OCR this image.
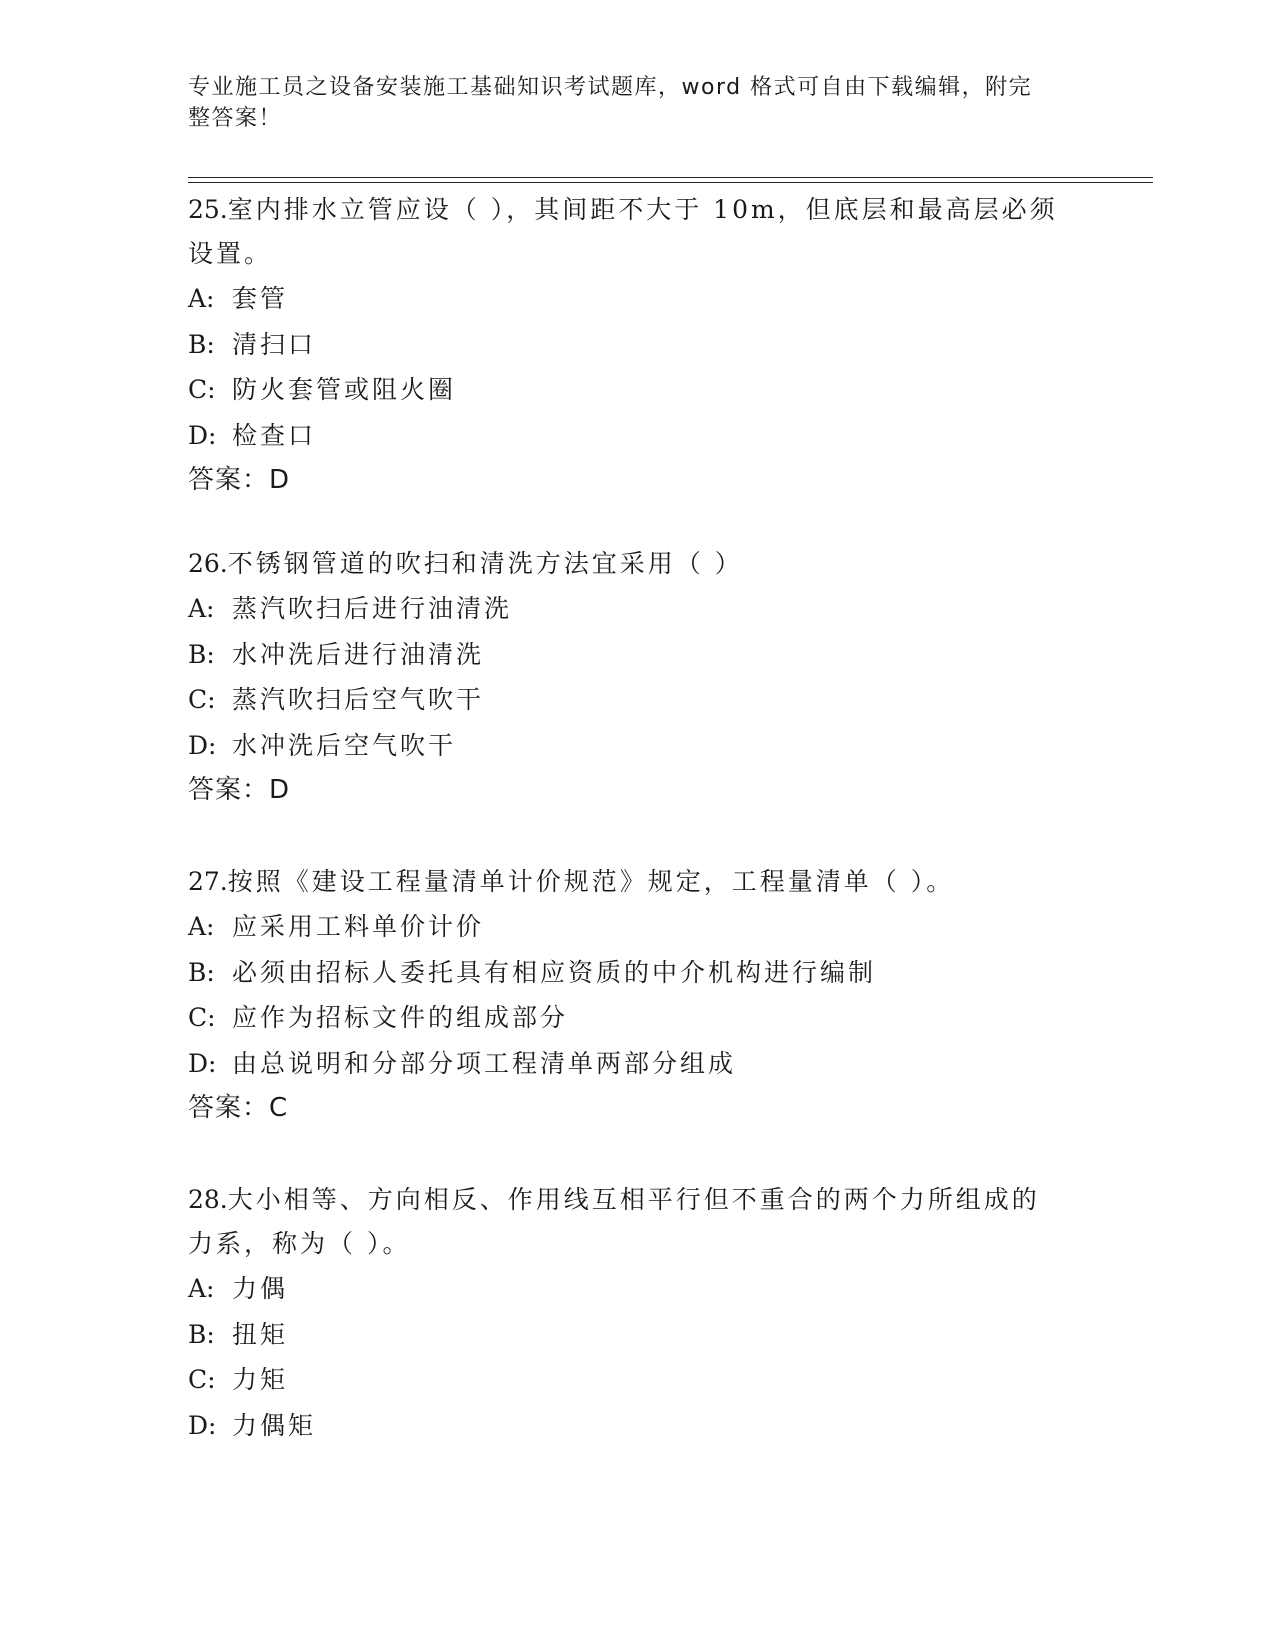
专业施工员之设备安装施工基础知识考试题库，word 格式可自由下载编辑，附完
整答案！

25.室内排水立管应设（ ），其间距不大于 10m，但底层和最高层必须

设置。

A: 套管

B: 清扫口

C: 防火套管或阻火圈

D: 检查口

答案：D

26.不锈钢管道的吹扫和清洗方法宜采用（ ）

A: 蒸汽吹扫后进行油清洗

B: 水冲洗后进行油清洗

C: 蒸汽吹扫后空气吹干

D: 水冲洗后空气吹干

答案：D

27.按照《建设工程量清单计价规范》规定，工程量清单（ ）。

A: 应采用工料单价计价

B: 必须由招标人委托具有相应资质的中介机构进行编制

C: 应作为招标文件的组成部分

D: 由总说明和分部分项工程清单两部分组成

答案：C

28.大小相等、方向相反、作用线互相平行但不重合的两个力所组成的

力系，称为（ ）。

A: 力偶

B: 扭矩

C: 力矩

D: 力偶矩
